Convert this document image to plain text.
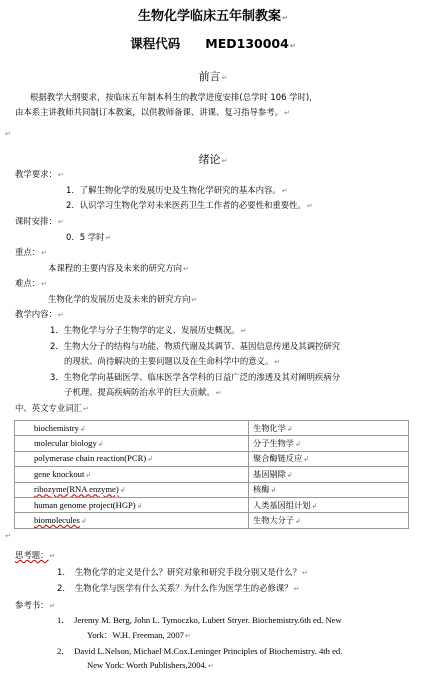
生物化学临床五年制教案↵
课程代码　　MED130004↵
前言↵
根据教学大纲要求，按临床五年制本科生的教学进度安排(总学时 106 学时)，
由本系主讲教师共同制订本教案，以供教师备课、讲课、复习指导参考。↵
↵
绪论↵
教学要求：↵
1．了解生物化学的发展历史及生物化学研究的基本内容。↵
2．认识学习生物化学对未来医药卫生工作者的必要性和重要性。↵
课时安排：↵
0．5 学时↵
重点：↵
本课程的主要内容及未来的研究方向↵
难点：↵
生物化学的发展历史及未来的研究方向↵
教学内容：↵
1．生物化学与分子生物学的定义、发展历史概况。↵
2．生物大分子的结构与功能、物质代谢及其调节、基因信息传递及其调控研究
的现状、尚待解决的主要问题以及在生命科学中的意义。↵
3．生物化学向基础医学、临床医学各学科的日益广泛的渗透及其对阐明疾病分
子机理、提高疾病防治水平的巨大贡献。↵
中、英文专业词汇↵
biochemistry↲	生物化学↲
molecular biology↲	分子生物学↲
polymerase chain reaction(PCR)↲	聚合酶链反应↲
gene knockout↲	基因剔除↲
ribozyme(RNA enzyme)↲	核酶↲
human genome project(HGP)↲	人类基因组计划↲
biomolecules↲	生物大分子↲
↵
思考题：↵
1．　生物化学的定义是什么？研究对象和研究手段分别又是什么？↵
2．　生物化学与医学有什么关系？为什么作为医学生的必修课？↵
参考书：↵
1．　Jeremy M. Berg, John L. Tymoczko, Lubert Stryer. Biochemistry.6th ed. New
York：W.H. Freeman, 2007↵
2．　David L.Nelson, Michael M.Cox.Leninger Principles of Biochemistry. 4th ed.
New York: Worth Publishers,2004.↵
